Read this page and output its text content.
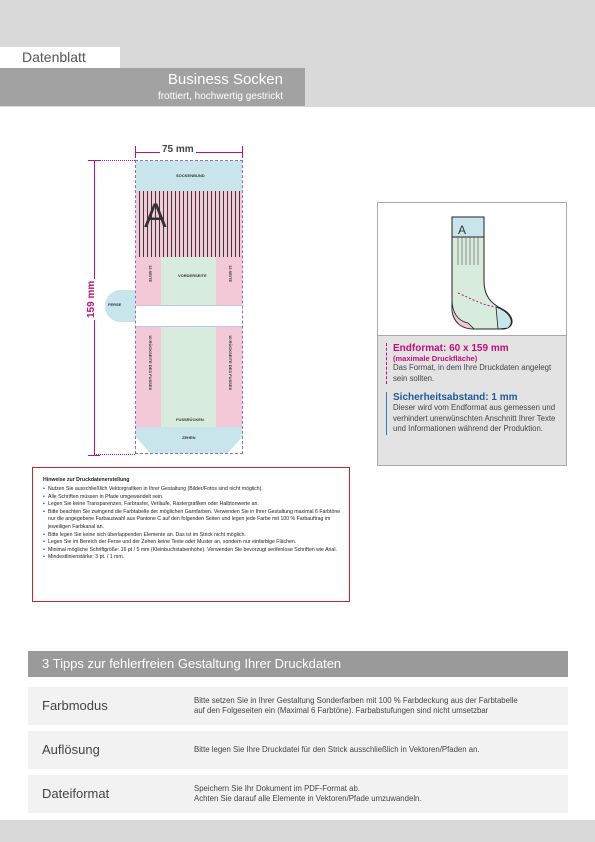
Datenblatt
Business Socken
frottiert, hochwertig gestrickt
75 mm
159 mm
SOCKENBUND
A
VORDERSEITE
12 SEITE	12 SEITE
10 RÜCKSEITE DES FUSSES	10 RÜCKSEITE DES FUSSES
FUSSRÜCKEN
ZEHEN
FERSE
Hinweise zur Druckdatenerstellung
• Nutzen Sie ausschließlich Vektorgrafiken in Ihrer Gestaltung (Bilder/Fotos sind nicht möglich).
• Alle Schriften müssen in Pfade umgewandelt sein.
• Legen Sie keine Transparenzen, Farbraster, Verläufe, Rastergrafiken oder Halbtonwerte an.
• Bitte beachten Sie zwingend die Farbtabelle der möglichen Garnfarben. Verwenden Sie in Ihrer Gestaltung maximal 6 Farbtöne nur die angegebene Farbauswahl aus Pantone C auf den folgenden Seiten und legen jede Farbe mit 100 % Farbauftrag im jeweiligen Farbkanal an.
• Bitte legen Sie keine sich überlappenden Elemente an. Das ist im Strick nicht möglich.
• Legen Sie im Bereich der Ferse und der Zehen keine Texte oder Muster an, sondern nur einfarbige Flächen.
• Minimal mögliche Schriftgröße: 16 pt / 5 mm (Kleinbuchstabenhöhe). Verwenden Sie bevorzugt serifenlose Schriften wie Arial.
• Mindestlinienstärke: 3 pt. / 1 mm.
A
Endformat: 60 x 159 mm
(maximale Druckfläche)
Das Format, in dem Ihre Druckdaten angelegt sein sollten.
Sicherheitsabstand: 1 mm
Dieser wird vom Endformat aus gemessen und verhindert unerwünschten Anschnitt Ihrer Texte und Informationen während der Produktion.
3 Tipps zur fehlerfreien Gestaltung Ihrer Druckdaten
Farbmodus	Bitte setzen Sie in Ihrer Gestaltung Sonderfarben mit 100 % Farbdeckung aus der Farbtabelle
auf den Folgeseiten ein (Maximal 6 Farbtöne). Farbabstufungen sind nicht umsetzbar
Auflösung	Bitte legen Sie Ihre Druckdatei für den Strick ausschließlich in Vektoren/Pfaden an.
Dateiformat	Speichern Sie Ihr Dokument im PDF-Format ab.
Achten Sie darauf alle Elemente in Vektoren/Pfade umzuwandeln.
